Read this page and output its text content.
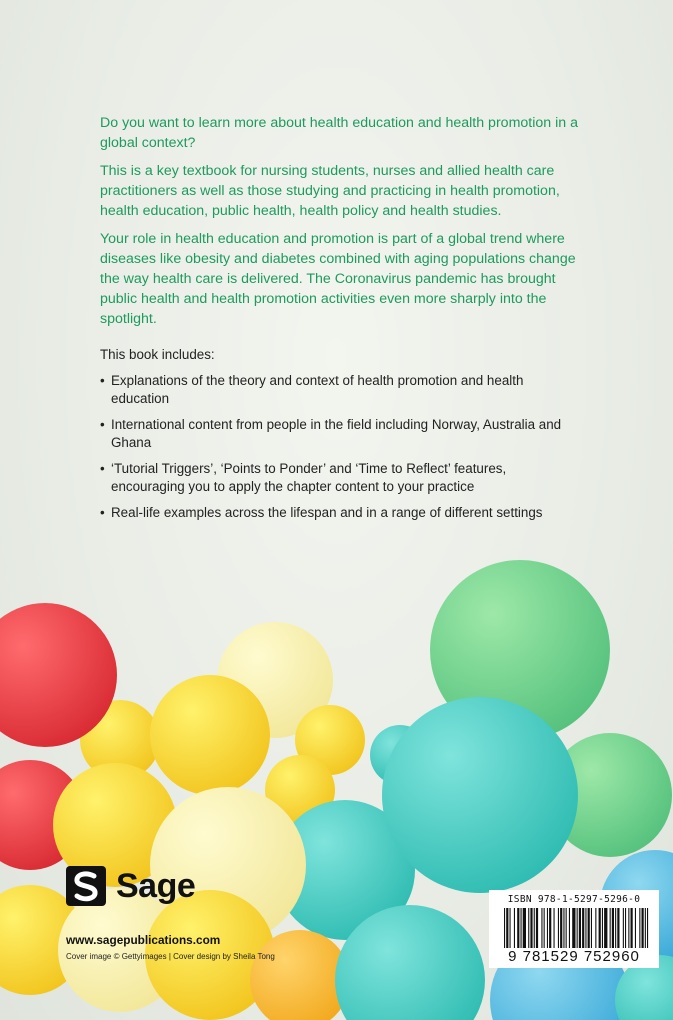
Do you want to learn more about health education and health promotion in a global context?

This is a key textbook for nursing students, nurses and allied health care practitioners as well as those studying and practicing in health promotion, health education, public health, health policy and health studies.

Your role in health education and promotion is part of a global trend where diseases like obesity and diabetes combined with aging populations change the way health care is delivered. The Coronavirus pandemic has brought public health and health promotion activities even more sharply into the spotlight.

This book includes:

• Explanations of the theory and context of health promotion and health education
• International content from people in the field including Norway, Australia and Ghana
• ‘Tutorial Triggers’, ‘Points to Ponder’ and ‘Time to Reflect’ features, encouraging you to apply the chapter content to your practice
• Real-life examples across the lifespan and in a range of different settings
Sage
www.sagepublications.com
Cover image © Gettyimages | Cover design by Sheila Tong
ISBN 978-1-5297-5296-0
9 781529 752960
